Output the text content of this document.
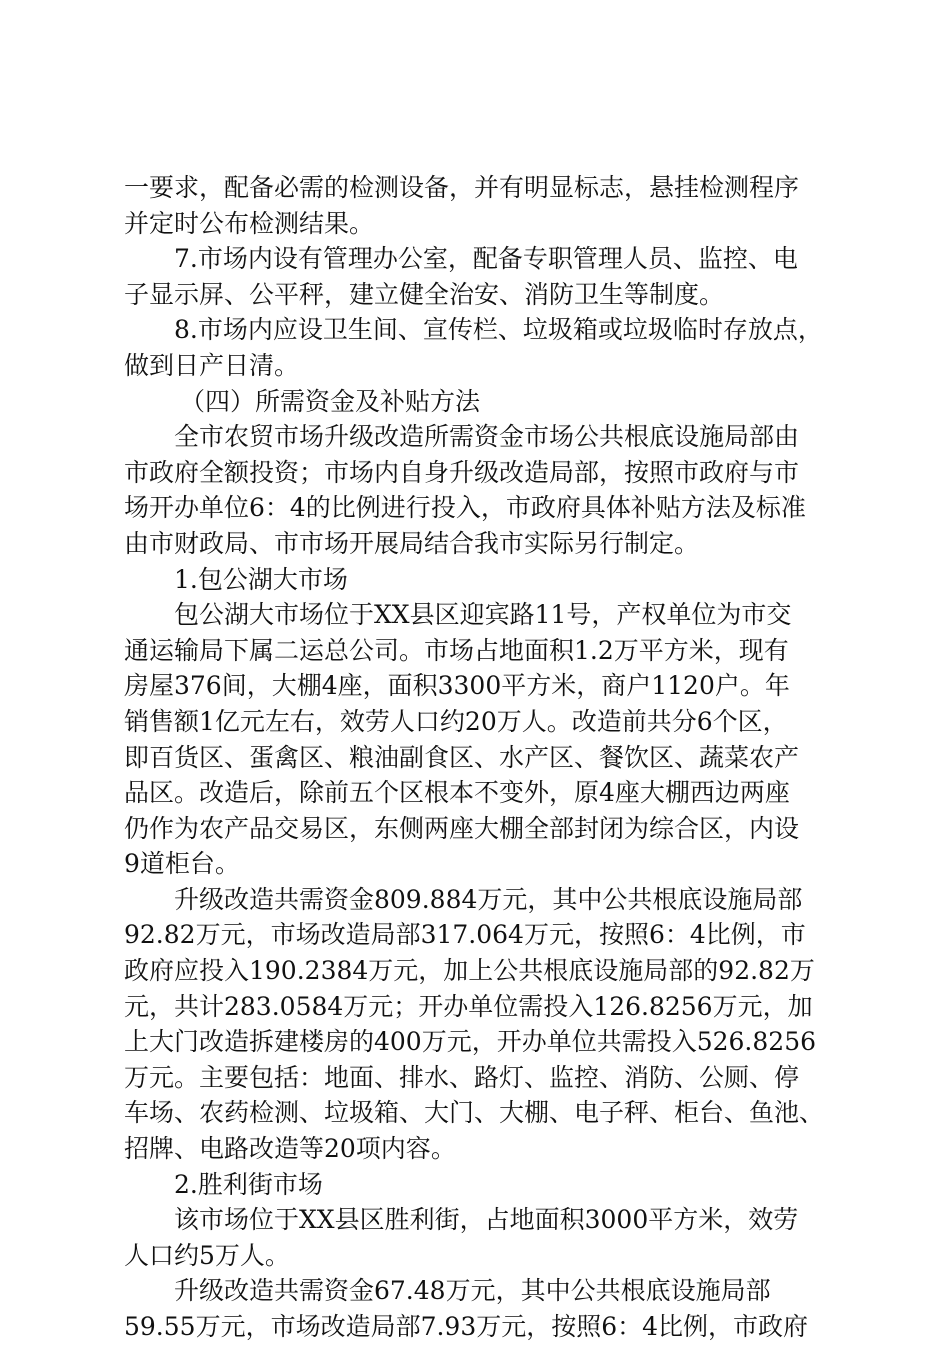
一要求，配备必需的检测设备，并有明显标志，悬挂检测程序
并定时公布检测结果。
7.市场内设有管理办公室，配备专职管理人员、监控、电
子显示屏、公平秤，建立健全治安、消防卫生等制度。
8.市场内应设卫生间、宣传栏、垃圾箱或垃圾临时存放点，
做到日产日清。
（四）所需资金及补贴方法
全市农贸市场升级改造所需资金市场公共根底设施局部由
市政府全额投资；市场内自身升级改造局部，按照市政府与市
场开办单位6：4的比例进行投入，市政府具体补贴方法及标准
由市财政局、市市场开展局结合我市实际另行制定。
1.包公湖大市场
包公湖大市场位于XX县区迎宾路11号，产权单位为市交
通运输局下属二运总公司。市场占地面积1.2万平方米，现有
房屋376间，大棚4座，面积3300平方米，商户1120户。年
销售额1亿元左右，效劳人口约20万人。改造前共分6个区，
即百货区、蛋禽区、粮油副食区、水产区、餐饮区、蔬菜农产
品区。改造后，除前五个区根本不变外，原4座大棚西边两座
仍作为农产品交易区，东侧两座大棚全部封闭为综合区，内设
9道柜台。
升级改造共需资金809.884万元，其中公共根底设施局部
92.82万元，市场改造局部317.064万元，按照6：4比例，市
政府应投入190.2384万元，加上公共根底设施局部的92.82万
元，共计283.0584万元；开办单位需投入126.8256万元，加
上大门改造拆建楼房的400万元，开办单位共需投入526.8256
万元。主要包括：地面、排水、路灯、监控、消防、公厕、停
车场、农药检测、垃圾箱、大门、大棚、电子秤、柜台、鱼池、
招牌、电路改造等20项内容。
2.胜利街市场
该市场位于XX县区胜利街，占地面积3000平方米，效劳
人口约5万人。
升级改造共需资金67.48万元，其中公共根底设施局部
59.55万元，市场改造局部7.93万元，按照6：4比例，市政府
